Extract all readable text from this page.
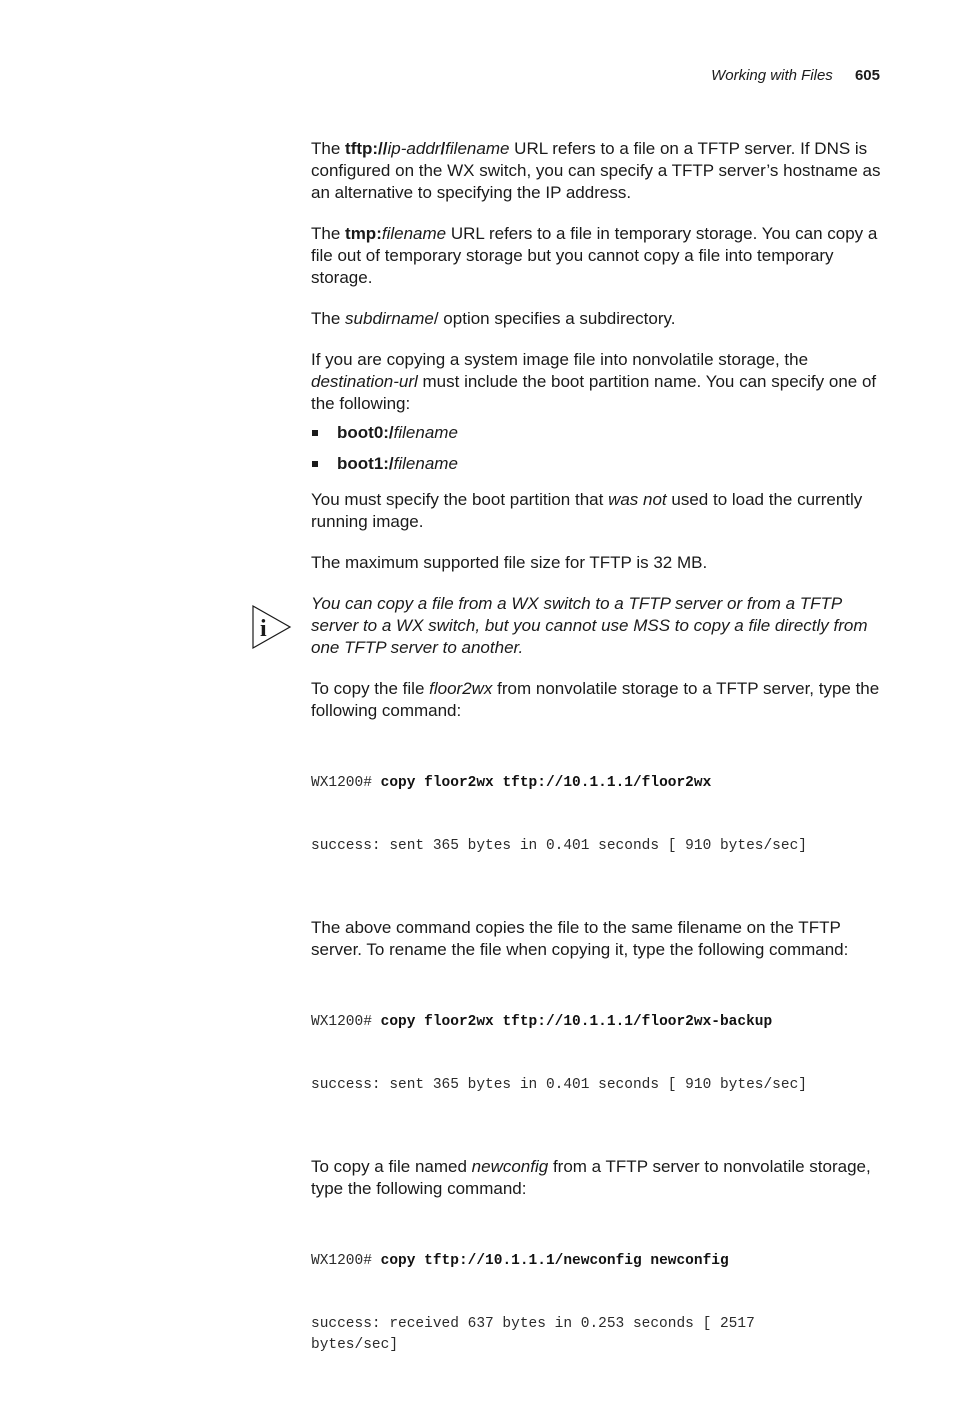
Working with Files 605
i

The tftp://ip-addr/filename URL refers to a file on a TFTP server. If DNS is configured on the WX switch, you can specify a TFTP server’s hostname as an alternative to specifying the IP address.

The tmp:filename URL refers to a file in temporary storage. You can copy a file out of temporary storage but you cannot copy a file into temporary storage.

The subdirname/ option specifies a subdirectory.

If you are copying a system image file into nonvolatile storage, the destination-url must include the boot partition name. You can specify one of the following:

boot0:/filename
boot1:/filename

You must specify the boot partition that was not used to load the currently running image.

The maximum supported file size for TFTP is 32 MB.

You can copy a file from a WX switch to a TFTP server or from a TFTP server to a WX switch, but you cannot use MSS to copy a file directly from one TFTP server to another.

To copy the file floor2wx from nonvolatile storage to a TFTP server, type the following command:

WX1200# copy floor2wx tftp://10.1.1.1/floor2wx

success: sent 365 bytes in 0.401 seconds [ 910 bytes/sec]

The above command copies the file to the same filename on the TFTP server. To rename the file when copying it, type the following command:

WX1200# copy floor2wx tftp://10.1.1.1/floor2wx-backup

success: sent 365 bytes in 0.401 seconds [ 910 bytes/sec]

To copy a file named newconfig from a TFTP server to nonvolatile storage, type the following command:

WX1200# copy tftp://10.1.1.1/newconfig newconfig

success: received 637 bytes in 0.253 seconds [ 2517 bytes/sec]
